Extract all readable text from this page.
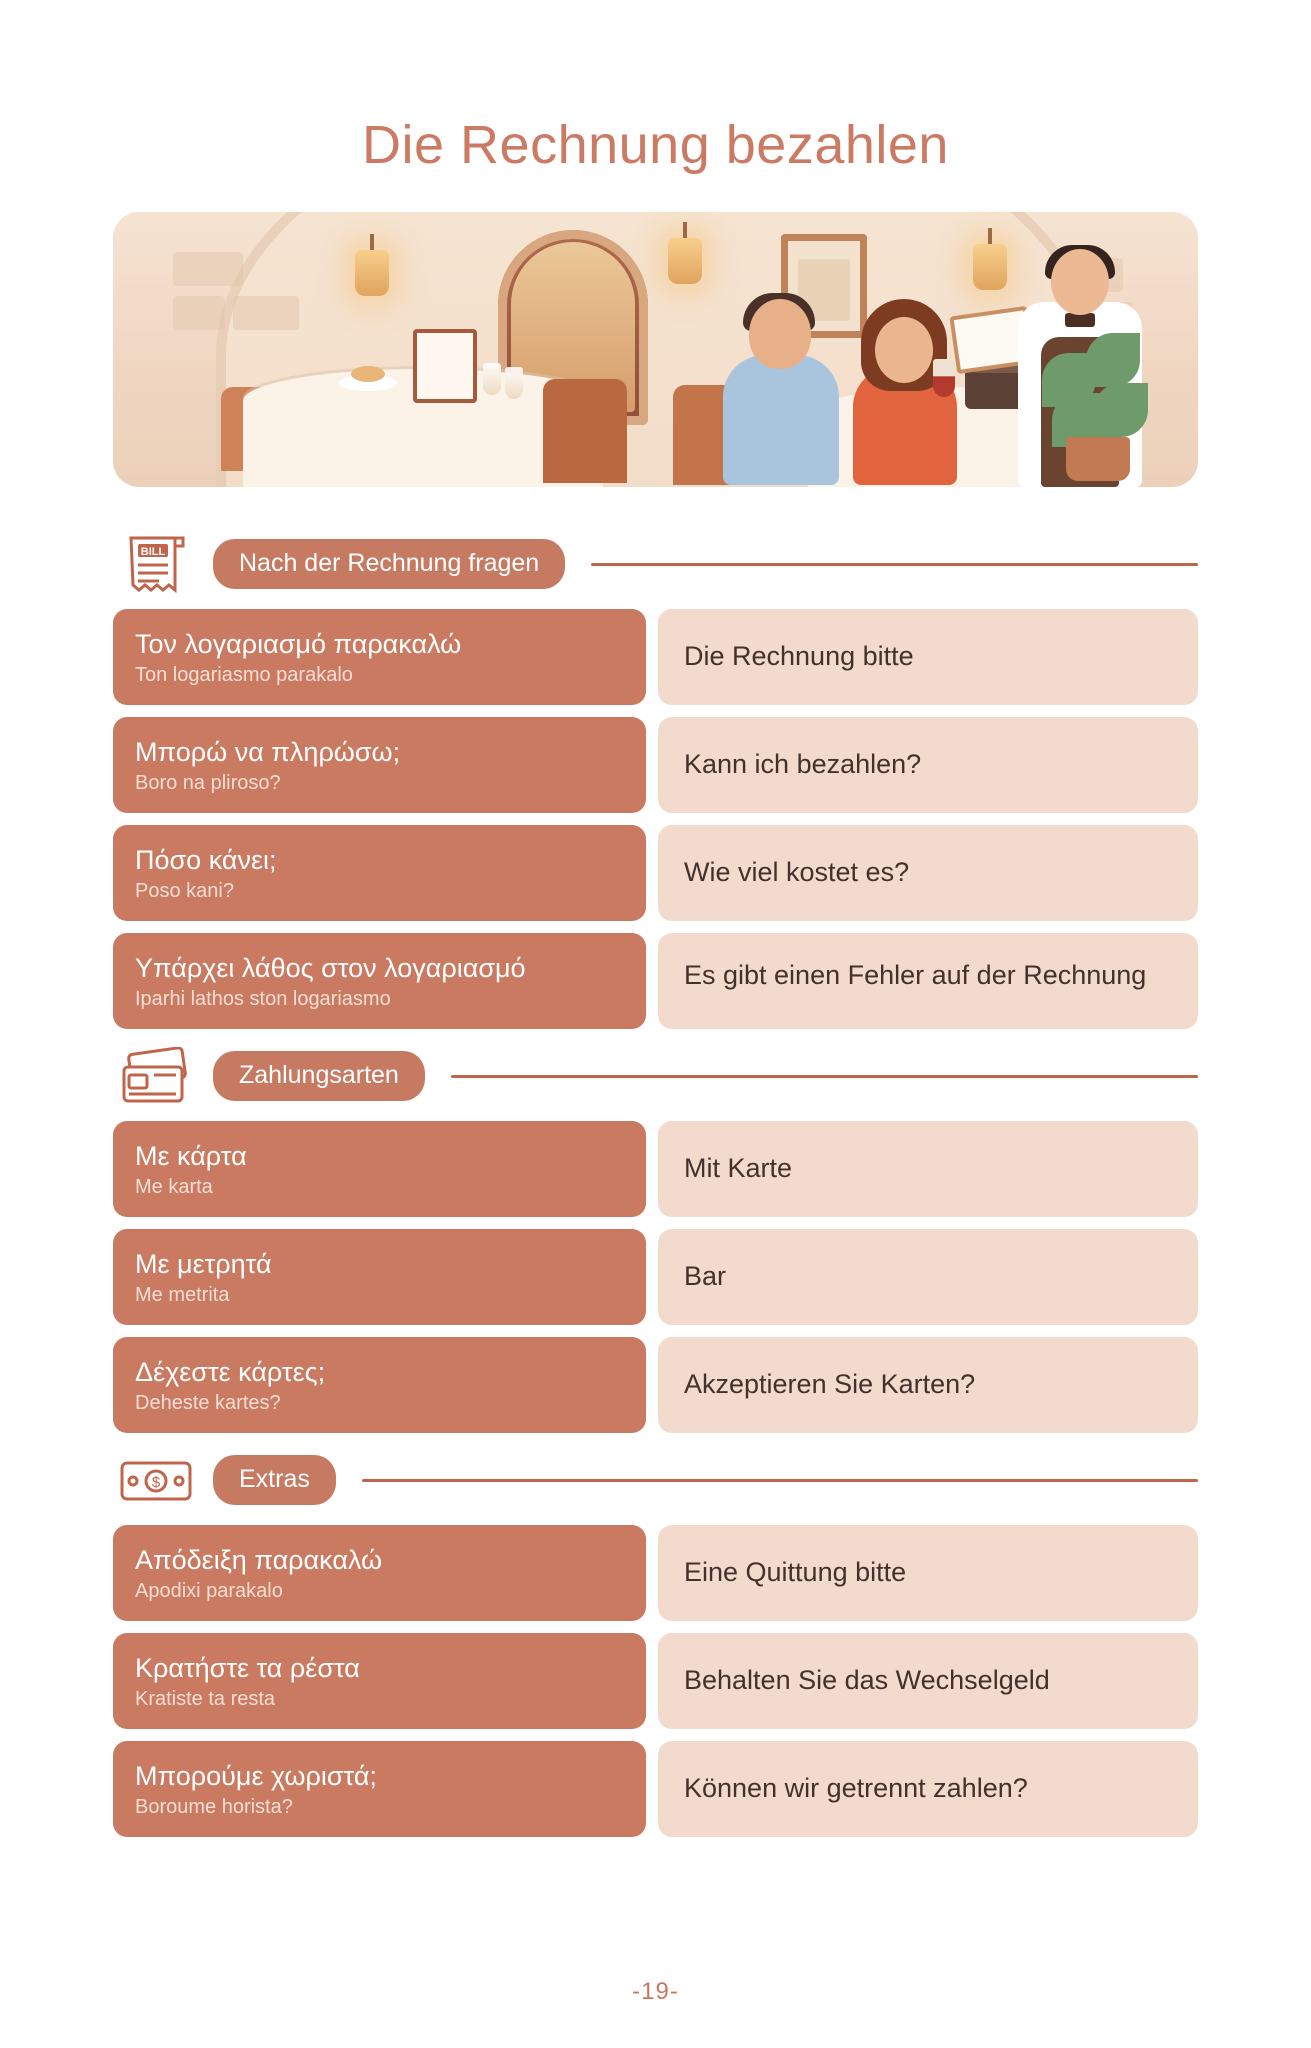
Die Rechnung bezahlen
BILL	Nach der Rechnung fragen
Τον λογαριασμό παρακαλώ
Ton logariasmo parakalo
Die Rechnung bitte
Μπορώ να πληρώσω;
Boro na pliroso?
Kann ich bezahlen?
Πόσο κάνει;
Poso kani?
Wie viel kostet es?
Υπάρχει λάθος στον λογαριασμό
Iparhi lathos ston logariasmo
Es gibt einen Fehler auf der Rechnung
Zahlungsarten
Με κάρτα
Me karta
Mit Karte
Με μετρητά
Me metrita
Bar
Δέχεστε κάρτες;
Deheste kartes?
Akzeptieren Sie Karten?
$	Extras
Απόδειξη παρακαλώ
Apodixi parakalo
Eine Quittung bitte
Κρατήστε τα ρέστα
Kratiste ta resta
Behalten Sie das Wechselgeld
Μπορούμε χωριστά;
Boroume horista?
Können wir getrennt zahlen?
-19-
